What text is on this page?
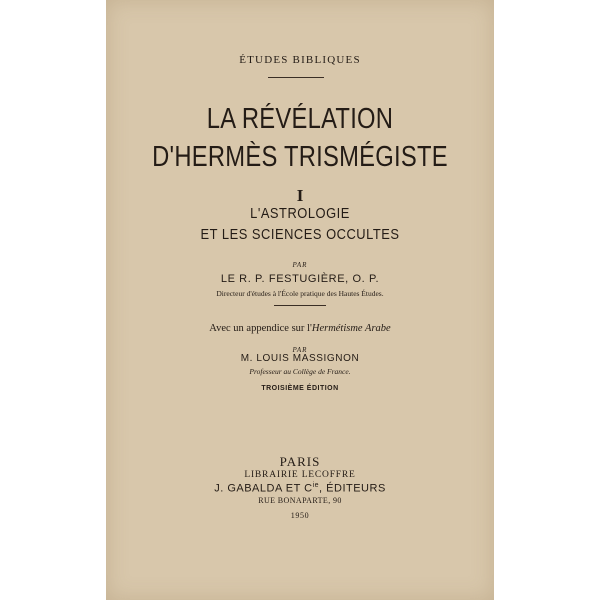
ÉTUDES BIBLIQUES
LA RÉVÉLATION
D'HERMÈS TRISMÉGISTE
I
L'ASTROLOGIE
ET LES SCIENCES OCCULTES
PAR
LE R. P. FESTUGIÈRE, O. P.
Directeur d'études à l'École pratique des Hautes Études.
Avec un appendice sur l'Hermétisme Arabe
PAR
M. LOUIS MASSIGNON
Professeur au Collège de France.
TROISIÈME ÉDITION
PARIS
LIBRAIRIE LECOFFRE
J. GABALDA ET $C^{ie}$, ÉDITEURS
RUE BONAPARTE, 90
1950
